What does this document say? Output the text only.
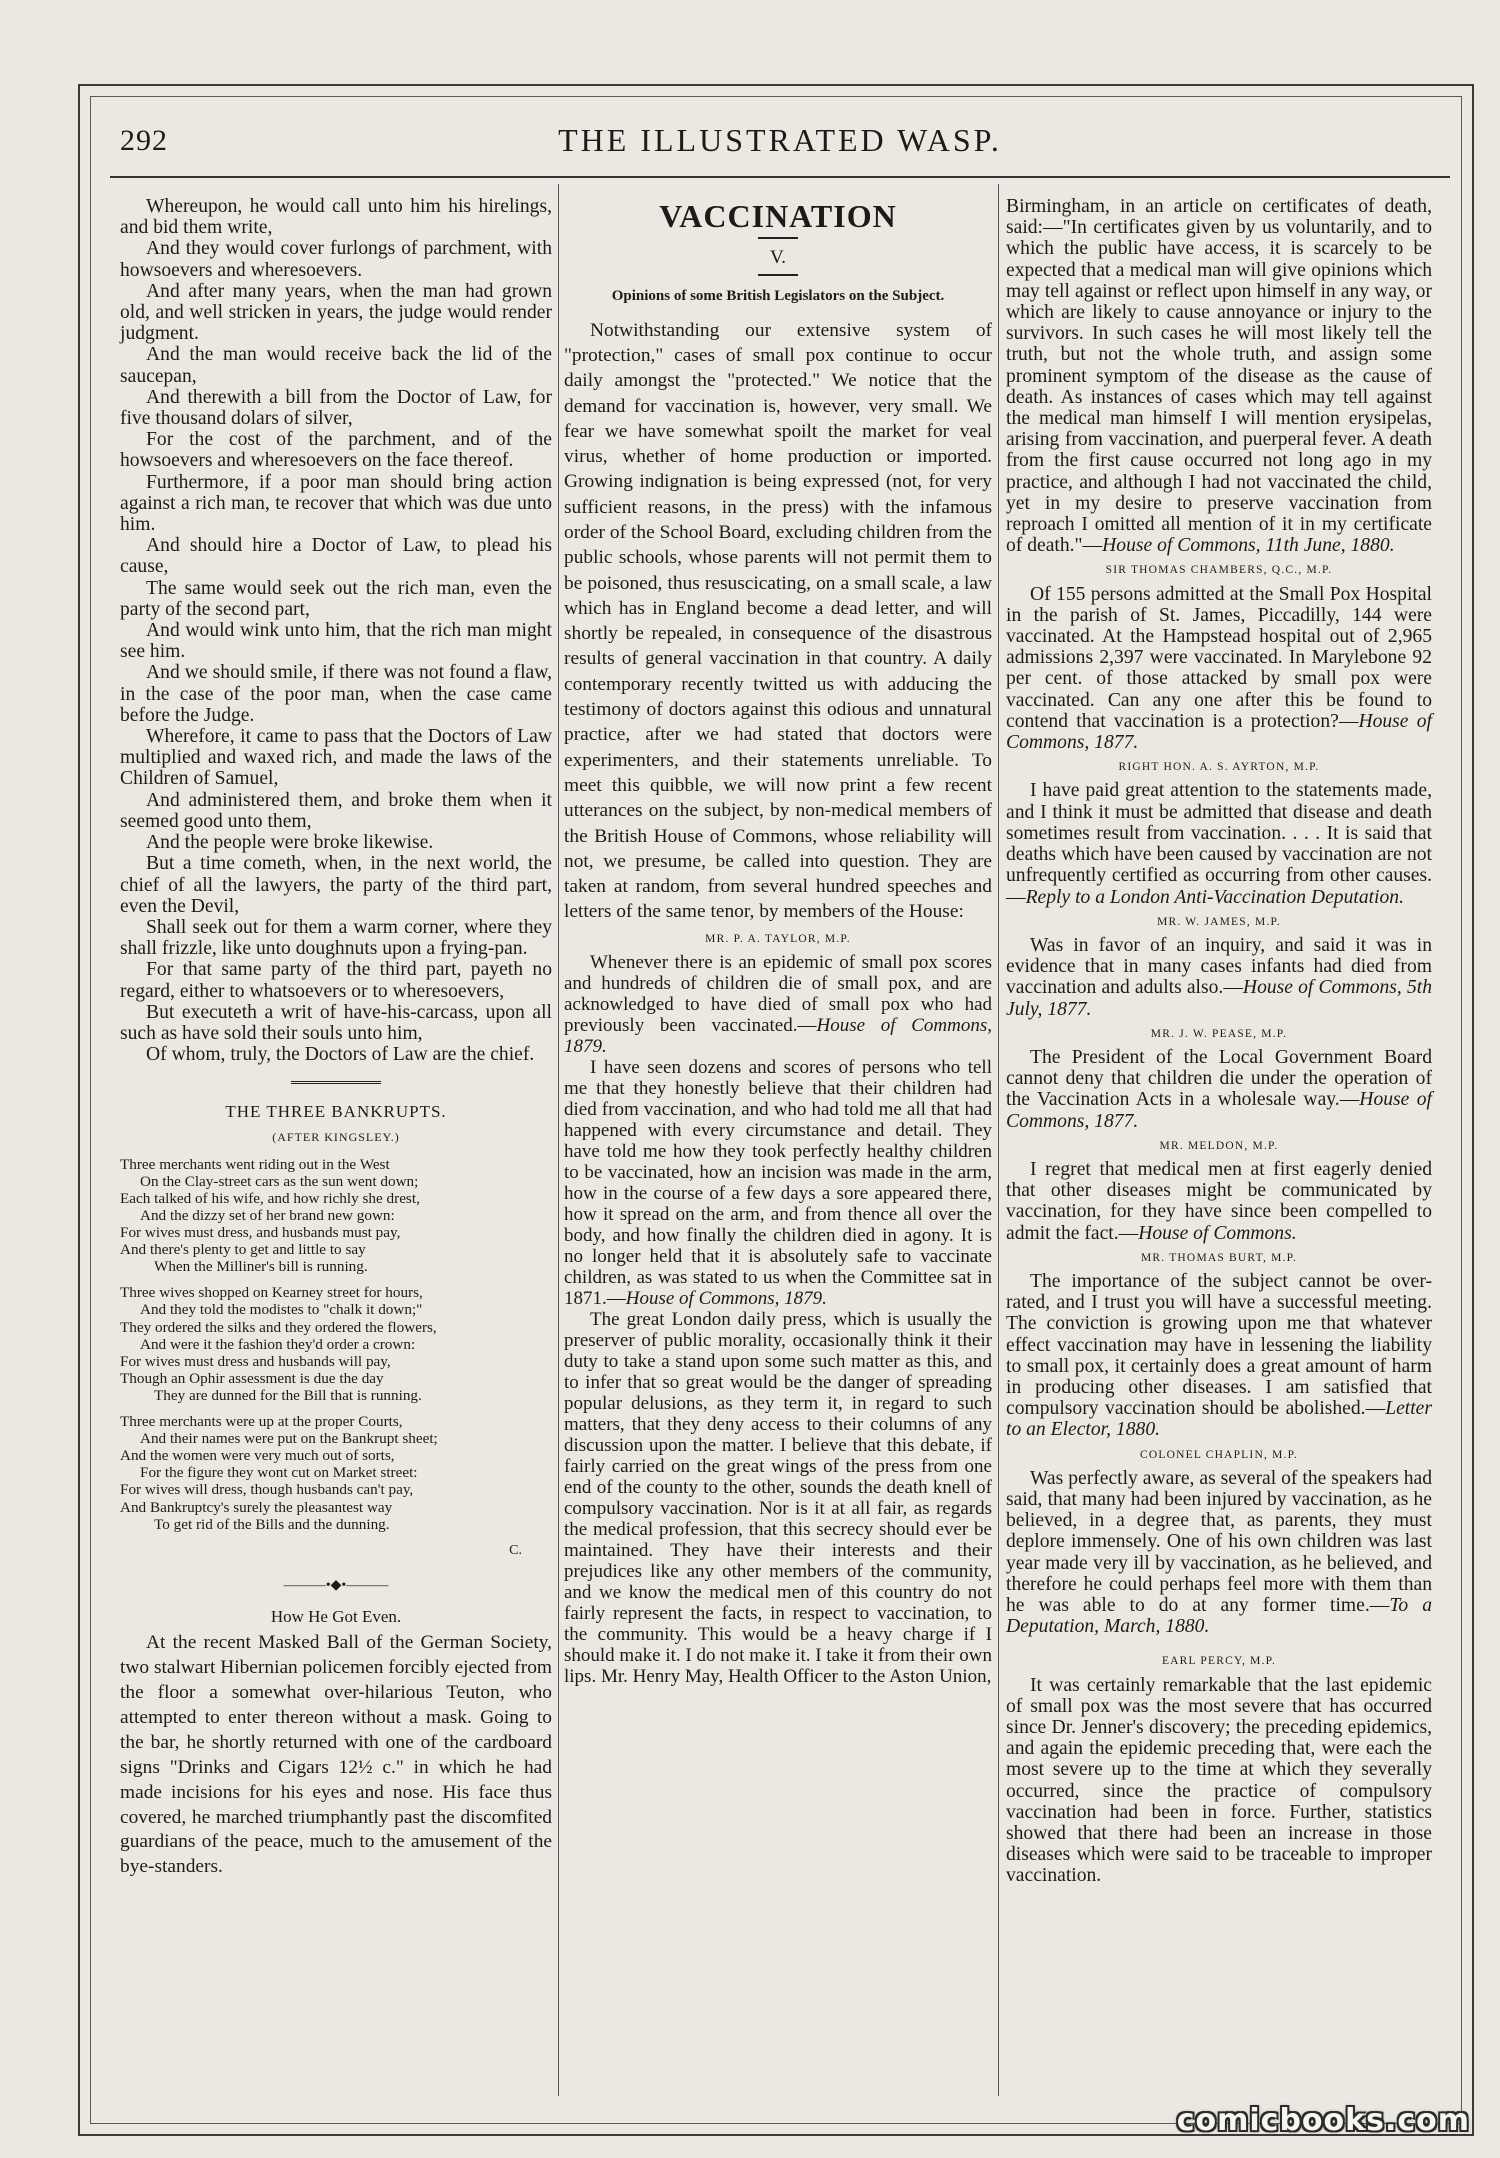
292	THE ILLUSTRATED WASP.

Whereupon, he would call unto him his hirelings, and bid them write,

And they would cover furlongs of parchment, with howsoevers and wheresoevers.

And after many years, when the man had grown old, and well stricken in years, the judge would render judgment.

And the man would receive back the lid of the saucepan,

And therewith a bill from the Doctor of Law, for five thousand dolars of silver,

For the cost of the parchment, and of the howsoevers and wheresoevers on the face thereof.

Furthermore, if a poor man should bring action against a rich man, te recover that which was due unto him.

And should hire a Doctor of Law, to plead his cause,

The same would seek out the rich man, even the party of the second part,

And would wink unto him, that the rich man might see him.

And we should smile, if there was not found a flaw, in the case of the poor man, when the case came before the Judge.

Wherefore, it came to pass that the Doctors of Law multiplied and waxed rich, and made the laws of the Children of Samuel,

And administered them, and broke them when it seemed good unto them,

And the people were broke likewise.

But a time cometh, when, in the next world, the chief of all the lawyers, the party of the third part, even the Devil,

Shall seek out for them a warm corner, where they shall frizzle, like unto doughnuts upon a frying-pan.

For that same party of the third part, payeth no regard, either to whatsoevers or to wheresoevers,

But executeth a writ of have-his-carcass, upon all such as have sold their souls unto him,

Of whom, truly, the Doctors of Law are the chief.

THE THREE BANKRUPTS.
(AFTER KINGSLEY.)
Three merchants went riding out in the West
On the Clay-street cars as the sun went down;
Each talked of his wife, and how richly she drest,
And the dizzy set of her brand new gown:
For wives must dress, and husbands must pay,
And there's plenty to get and little to say
When the Milliner's bill is running.
Three wives shopped on Kearney street for hours,
And they told the modistes to "chalk it down;"
They ordered the silks and they ordered the flowers,
And were it the fashion they'd order a crown:
For wives must dress and husbands will pay,
Though an Ophir assessment is due the day
They are dunned for the Bill that is running.
Three merchants were up at the proper Courts,
And their names were put on the Bankrupt sheet;
And the women were very much out of sorts,
For the figure they wont cut on Market street:
For wives will dress, though husbands can't pay,
And Bankruptcy's surely the pleasantest way
To get rid of the Bills and the dunning.
C.
———•◆•———
How He Got Even.

At the recent Masked Ball of the German Society, two stalwart Hibernian policemen forcibly ejected from the floor a somewhat over-hilarious Teuton, who attempted to enter thereon without a mask. Going to the bar, he shortly returned with one of the cardboard signs "Drinks and Cigars 12½ c." in which he had made incisions for his eyes and nose. His face thus covered, he marched triumphantly past the discomfited guardians of the peace, much to the amusement of the bye-standers.

VACCINATION
V.
Opinions of some British Legislators on the Subject.

Notwithstanding our extensive system of "protection," cases of small pox continue to occur daily amongst the "protected." We notice that the demand for vaccination is, however, very small. We fear we have somewhat spoilt the market for veal virus, whether of home production or imported. Growing indignation is being expressed (not, for very sufficient reasons, in the press) with the infamous order of the School Board, excluding children from the public schools, whose parents will not permit them to be poisoned, thus resuscicating, on a small scale, a law which has in England become a dead letter, and will shortly be repealed, in consequence of the disastrous results of general vaccination in that country. A daily contemporary recently twitted us with adducing the testimony of doctors against this odious and unnatural practice, after we had stated that doctors were experimenters, and their statements unreliable. To meet this quibble, we will now print a few recent utterances on the subject, by non-medical members of the British House of Commons, whose reliability will not, we presume, be called into question. They are taken at random, from several hundred speeches and letters of the same tenor, by members of the House:

MR. P. A. TAYLOR, M.P.

Whenever there is an epidemic of small pox scores and hundreds of children die of small pox, and are acknowledged to have died of small pox who had previously been vaccinated.—House of Commons, 1879.

I have seen dozens and scores of persons who tell me that they honestly believe that their children had died from vaccination, and who had told me all that had happened with every circumstance and detail. They have told me how they took perfectly healthy children to be vaccinated, how an incision was made in the arm, how in the course of a few days a sore appeared there, how it spread on the arm, and from thence all over the body, and how finally the children died in agony. It is no longer held that it is absolutely safe to vaccinate children, as was stated to us when the Committee sat in 1871.—House of Commons, 1879.

The great London daily press, which is usually the preserver of public morality, occasionally think it their duty to take a stand upon some such matter as this, and to infer that so great would be the danger of spreading popular delusions, as they term it, in regard to such matters, that they deny access to their columns of any discussion upon the matter. I believe that this debate, if fairly carried on the great wings of the press from one end of the county to the other, sounds the death knell of compulsory vaccination. Nor is it at all fair, as regards the medical profession, that this secrecy should ever be maintained. They have their interests and their prejudices like any other members of the community, and we know the medical men of this country do not fairly represent the facts, in respect to vaccination, to the community. This would be a heavy charge if I should make it. I do not make it. I take it from their own lips. Mr. Henry May, Health Officer to the Aston Union,

Birmingham, in an article on certificates of death, said:—"In certificates given by us voluntarily, and to which the public have access, it is scarcely to be expected that a medical man will give opinions which may tell against or reflect upon himself in any way, or which are likely to cause annoyance or injury to the survivors. In such cases he will most likely tell the truth, but not the whole truth, and assign some prominent symptom of the disease as the cause of death. As instances of cases which may tell against the medical man himself I will mention erysipelas, arising from vaccination, and puerperal fever. A death from the first cause occurred not long ago in my practice, and although I had not vaccinated the child, yet in my desire to preserve vaccination from reproach I omitted all mention of it in my certificate of death."—House of Commons, 11th June, 1880.

SIR THOMAS CHAMBERS, Q.C., M.P.

Of 155 persons admitted at the Small Pox Hospital in the parish of St. James, Piccadilly, 144 were vaccinated. At the Hampstead hospital out of 2,965 admissions 2,397 were vaccinated. In Marylebone 92 per cent. of those attacked by small pox were vaccinated. Can any one after this be found to contend that vaccination is a protection?—House of Commons, 1877.

RIGHT HON. A. S. AYRTON, M.P.

I have paid great attention to the statements made, and I think it must be admitted that disease and death sometimes result from vaccination. . . . It is said that deaths which have been caused by vaccination are not unfrequently certified as occurring from other causes.—Reply to a London Anti-Vaccination Deputation.

MR. W. JAMES, M.P.

Was in favor of an inquiry, and said it was in evidence that in many cases infants had died from vaccination and adults also.—House of Commons, 5th July, 1877.

MR. J. W. PEASE, M.P.

The President of the Local Government Board cannot deny that children die under the operation of the Vaccination Acts in a wholesale way.—House of Commons, 1877.

MR. MELDON, M.P.

I regret that medical men at first eagerly denied that other diseases might be communicated by vaccination, for they have since been compelled to admit the fact.—House of Commons.

MR. THOMAS BURT, M.P.

The importance of the subject cannot be over-rated, and I trust you will have a successful meeting. The conviction is growing upon me that whatever effect vaccination may have in lessening the liability to small pox, it certainly does a great amount of harm in producing other diseases. I am satisfied that compulsory vaccination should be abolished.—Letter to an Elector, 1880.

COLONEL CHAPLIN, M.P.

Was perfectly aware, as several of the speakers had said, that many had been injured by vaccination, as he believed, in a degree that, as parents, they must deplore immensely. One of his own children was last year made very ill by vaccination, as he believed, and therefore he could perhaps feel more with them than he was able to do at any former time.—To a Deputation, March, 1880.

EARL PERCY, M.P.

It was certainly remarkable that the last epidemic of small pox was the most severe that has occurred since Dr. Jenner's discovery; the preceding epidemics, and again the epidemic preceding that, were each the most severe up to the time at which they severally occurred, since the practice of compulsory vaccination had been in force. Further, statistics showed that there had been an increase in those diseases which were said to be traceable to improper vaccination.

comicbooks.com
